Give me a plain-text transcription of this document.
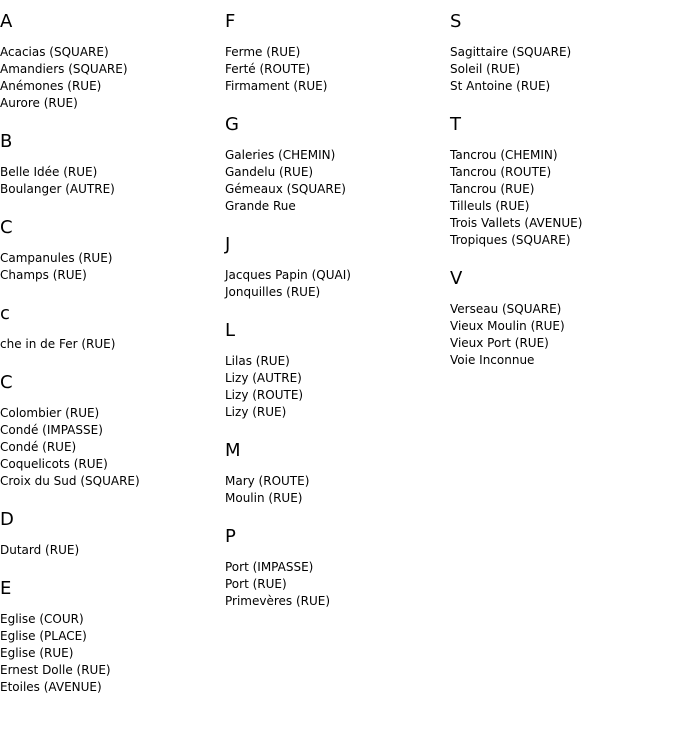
A
Acacias (SQUARE)
Amandiers (SQUARE)
Anémones (RUE)
Aurore (RUE)
B
Belle Idée (RUE)
Boulanger (AUTRE)
C
Campanules (RUE)
Champs (RUE)
c
che in de Fer (RUE)
C
Colombier (RUE)
Condé (IMPASSE)
Condé (RUE)
Coquelicots (RUE)
Croix du Sud (SQUARE)
D
Dutard (RUE)
E
Eglise (COUR)
Eglise (PLACE)
Eglise (RUE)
Ernest Dolle (RUE)
Etoiles (AVENUE)
F
Ferme (RUE)
Ferté (ROUTE)
Firmament (RUE)
G
Galeries (CHEMIN)
Gandelu (RUE)
Gémeaux (SQUARE)
Grande Rue
J
Jacques Papin (QUAI)
Jonquilles (RUE)
L
Lilas (RUE)
Lizy (AUTRE)
Lizy (ROUTE)
Lizy (RUE)
M
Mary (ROUTE)
Moulin (RUE)
P
Port (IMPASSE)
Port (RUE)
Primevères (RUE)
S
Sagittaire (SQUARE)
Soleil (RUE)
St Antoine (RUE)
T
Tancrou (CHEMIN)
Tancrou (ROUTE)
Tancrou (RUE)
Tilleuls (RUE)
Trois Vallets (AVENUE)
Tropiques (SQUARE)
V
Verseau (SQUARE)
Vieux Moulin (RUE)
Vieux Port (RUE)
Voie Inconnue
